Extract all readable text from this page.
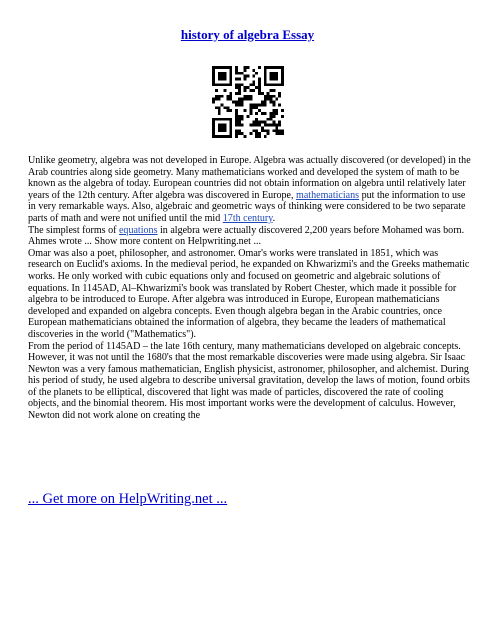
history of algebra Essay

Unlike geometry, algebra was not developed in Europe. Algebra was actually discovered (or developed) in the Arab countries along side geometry. Many mathematicians worked and developed the system of math to be known as the algebra of today. European countries did not obtain information on algebra until relatively later years of the 12th century. After algebra was discovered in Europe, mathematicians put the information to use in very remarkable ways. Also, algebraic and geometric ways of thinking were considered to be two separate parts of math and were not unified until the mid 17th century.

The simplest forms of equations in algebra were actually discovered 2,200 years before Mohamed was born. Ahmes wrote ... Show more content on Helpwriting.net ...

Omar was also a poet, philosopher, and astronomer. Omar's works were translated in 1851, which was research on Euclid's axioms. In the medieval period, he expanded on Khwarizmi's and the Greeks mathematic works. He only worked with cubic equations only and focused on geometric and algebraic solutions of equations. In 1145AD, Al–Khwarizmi's book was translated by Robert Chester, which made it possible for algebra to be introduced to Europe. After algebra was introduced in Europe, European mathematicians developed and expanded on algebra concepts. Even though algebra began in the Arabic countries, once European mathematicians obtained the information of algebra, they became the leaders of mathematical discoveries in the world ("Mathematics").

From the period of 1145AD – the late 16th century, many mathematicians developed on algebraic concepts. However, it was not until the 1680's that the most remarkable discoveries were made using algebra. Sir Isaac Newton was a very famous mathematician, English physicist, astronomer, philosopher, and alchemist. During his period of study, he used algebra to describe universal gravitation, develop the laws of motion, found orbits of the planets to be elliptical, discovered that light was made of particles, discovered the rate of cooling objects, and the binomial theorem. His most important works were the development of calculus. However, Newton did not work alone on creating the

... Get more on HelpWriting.net ...
